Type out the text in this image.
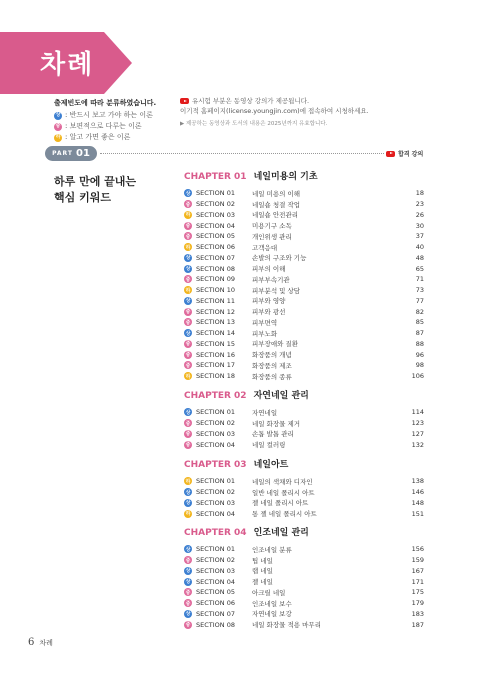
차례
출제빈도에 따라 분류하였습니다.
상 : 반드시 보고 가야 하는 이론
중 : 보편적으로 다루는 이론
하 : 알고 가면 좋은 이론
유시험 부분은 동영상 강의가 제공됩니다.
이기적 홈페이지(license.youngjin.com)에 접속하여 시청하세요.
▶ 제공하는 동영상과 도서의 내용은 2025년까지 유효합니다.
PART 01	합격 강의
하루 만에 끝내는
핵심 키워드
CHAPTER 01 네일미용의 기초
상 SECTION 01	네일 미용의 이해	18
중 SECTION 02	네일숍 청결 작업	23
하 SECTION 03	네일숍 안전관리	26
중 SECTION 04	미용기구 소독	30
중 SECTION 05	개인위생 관리	37
하 SECTION 06	고객응대	40
상 SECTION 07	손발의 구조와 기능	48
상 SECTION 08	피부의 이해	65
중 SECTION 09	피부부속기관	71
하 SECTION 10	피부분석 및 상담	73
상 SECTION 11	피부와 영양	77
중 SECTION 12	피부와 광선	82
중 SECTION 13	피부면역	85
상 SECTION 14	피부노화	87
중 SECTION 15	피부장애와 질환	88
중 SECTION 16	화장품의 개념	96
중 SECTION 17	화장품의 제조	98
하 SECTION 18	화장품의 종류	106
CHAPTER 02 자연네일 관리
상 SECTION 01	자연네일	114
중 SECTION 02	네일 화장물 제거	123
중 SECTION 03	손톱 발톱 관리	127
중 SECTION 04	네일 컬러링	132
CHAPTER 03 네일아트
하 SECTION 01	네일의 색채와 디자인	138
상 SECTION 02	일반 네일 폴리시 아트	146
상 SECTION 03	젤 네일 폴리시 아트	148
하 SECTION 04	통 젤 네일 폴리시 아트	151
CHAPTER 04 인조네일 관리
상 SECTION 01	인조네일 분류	156
중 SECTION 02	팁 네일	159
상 SECTION 03	랩 네일	167
상 SECTION 04	젤 네일	171
중 SECTION 05	아크릴 네일	175
중 SECTION 06	인조네일 보수	179
상 SECTION 07	자연네일 보강	183
중 SECTION 08	네일 화장물 적용 마무리	187
6 차례
